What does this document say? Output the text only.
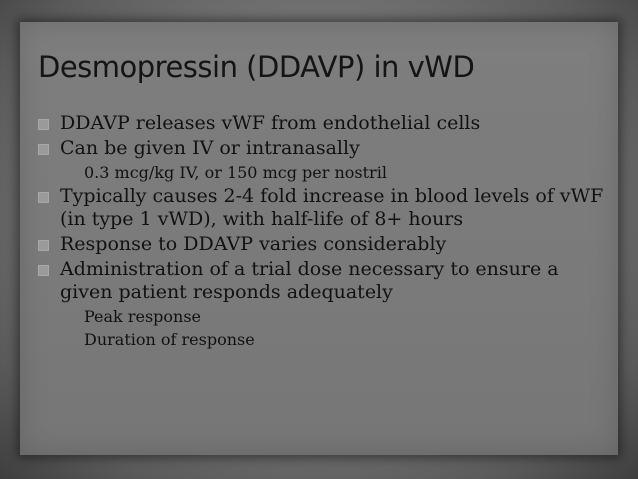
Desmopressin (DDAVP) in vWD
DDAVP releases vWF from endothelial cells
Can be given IV or intranasally
0.3 mcg/kg IV, or 150 mcg per nostril
Typically causes 2-4 fold increase in blood levels of vWF (in type 1 vWD), with half-life of 8+ hours
Response to DDAVP varies considerably
Administration of a trial dose necessary to ensure a given patient responds adequately
Peak response
Duration of response
